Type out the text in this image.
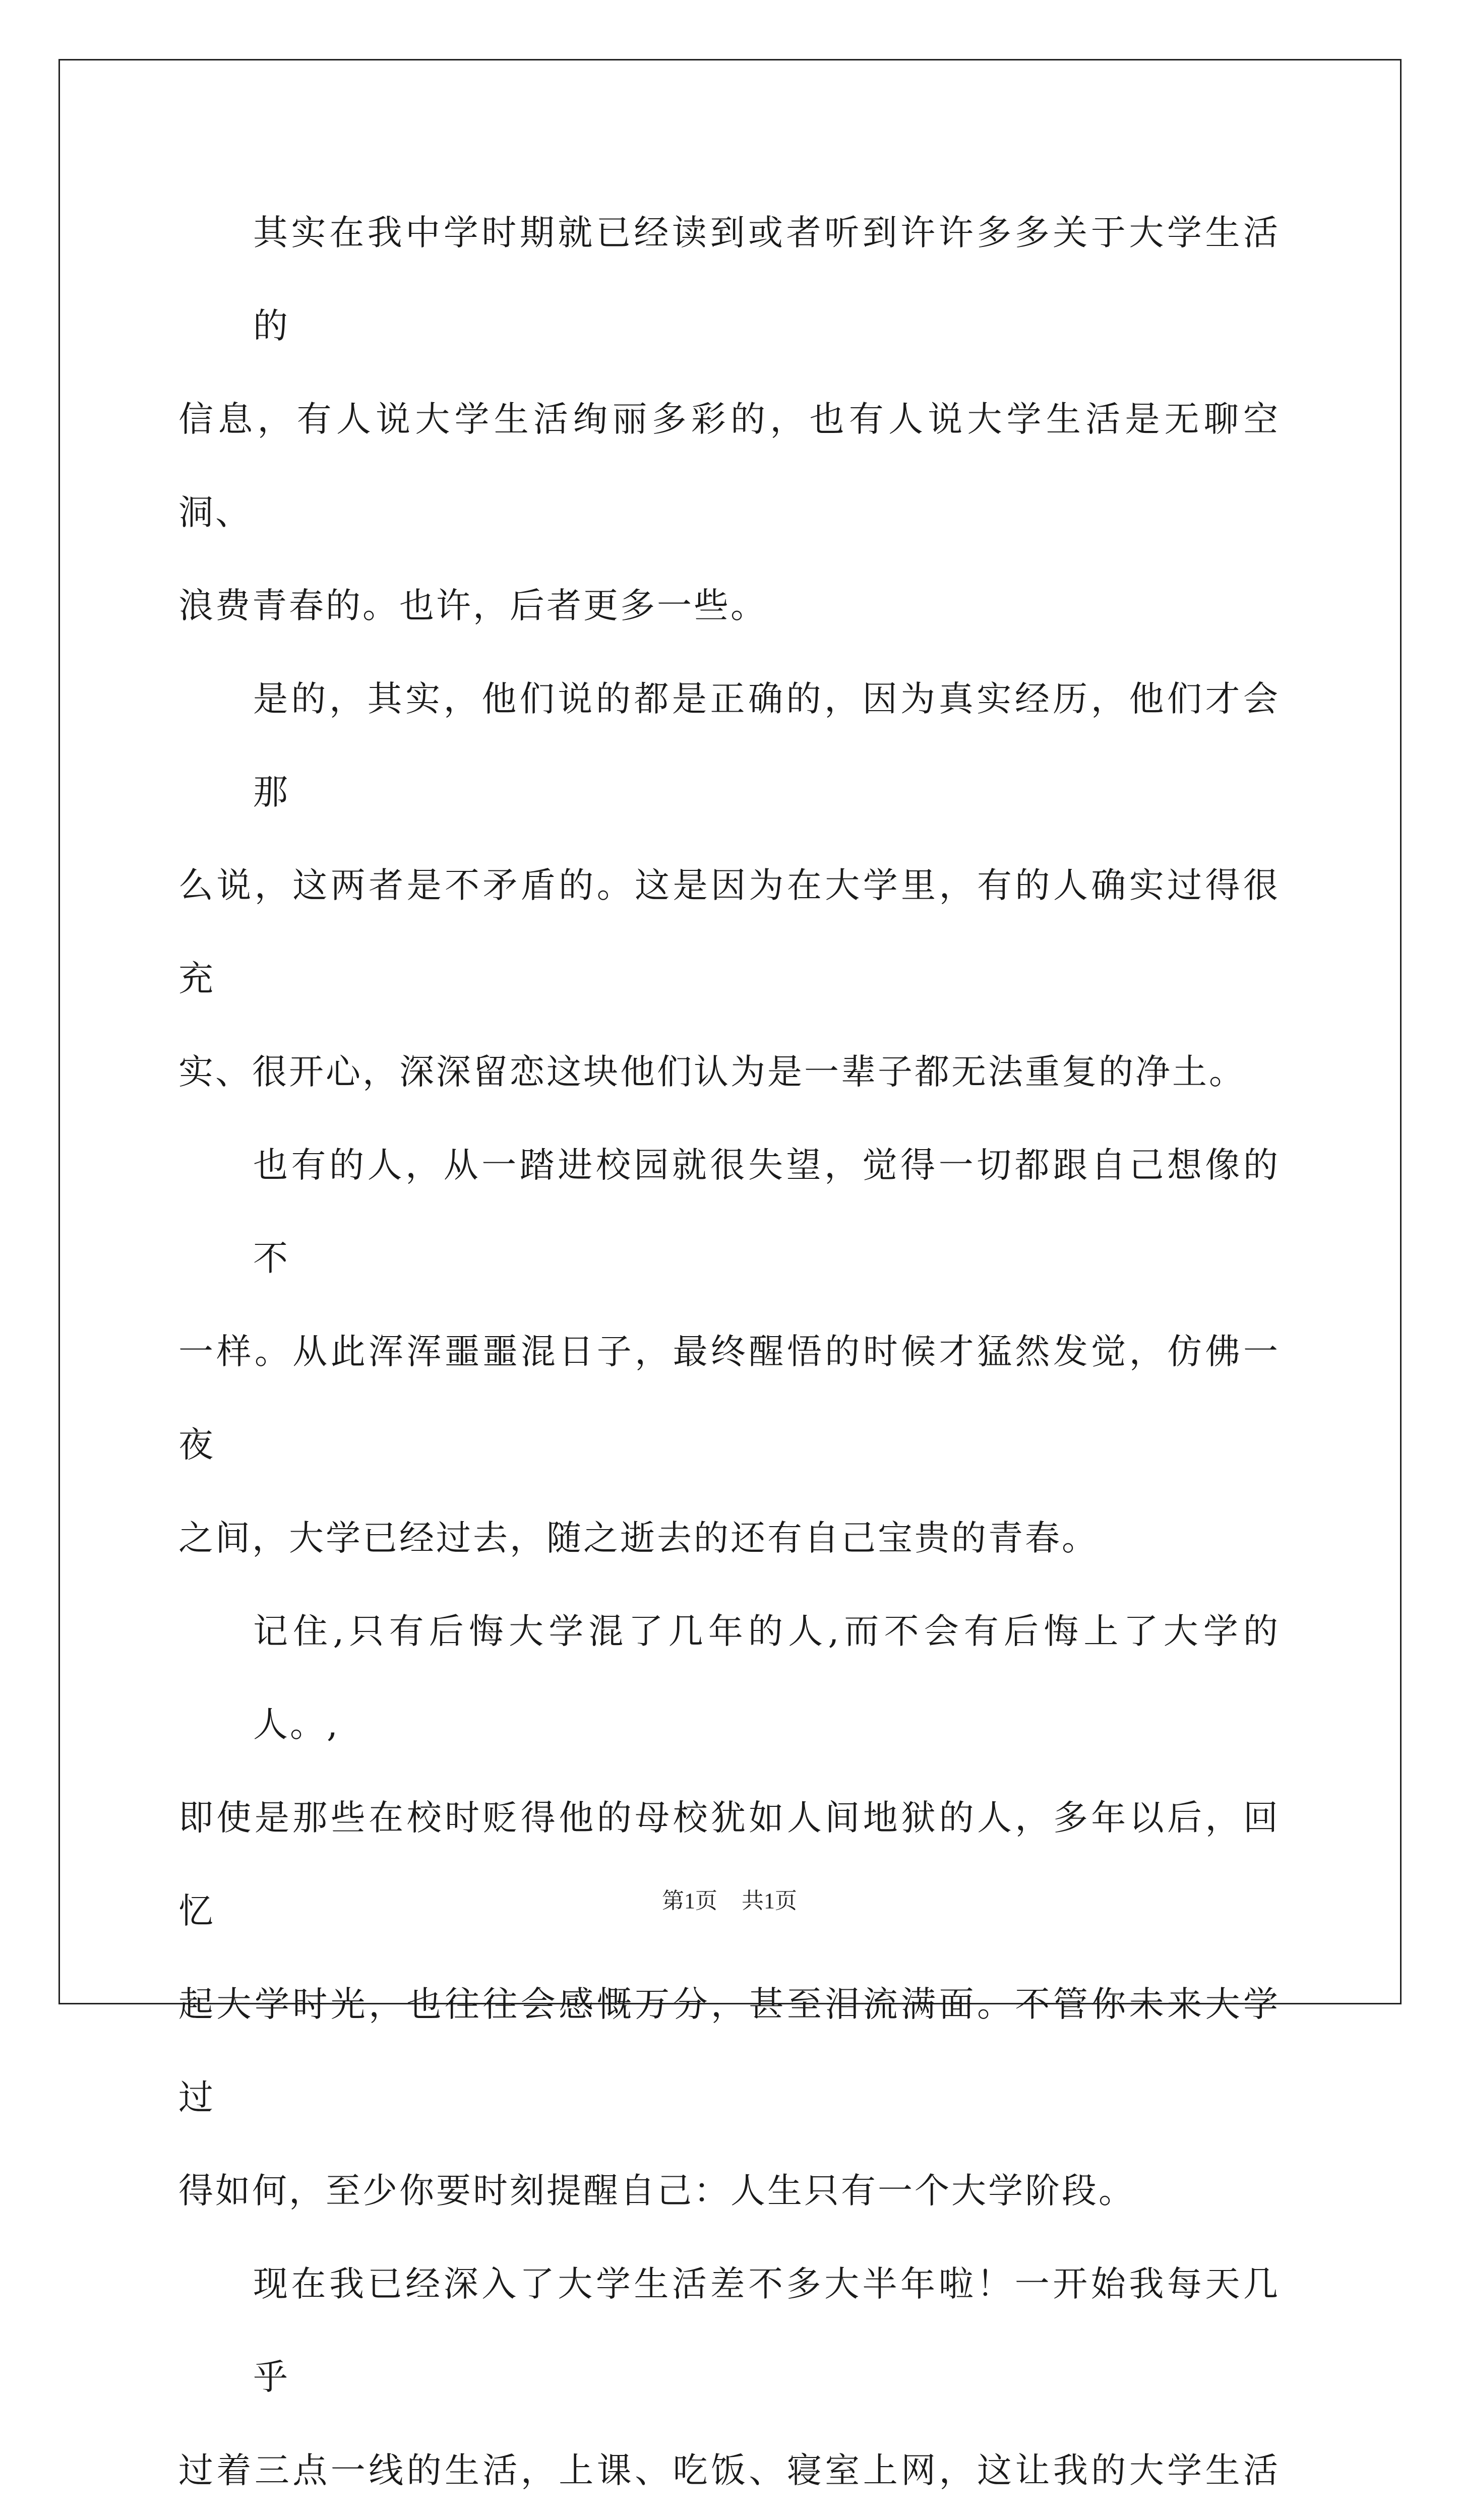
其实在我中学时期就已经读到或者听到许许多多关于大学生活的
信息，有人说大学生活绚丽多彩的，也有人说大学生活是无聊空洞、
浪费青春的。也许，后者更多一些。

是的，其实，他们说的都是正确的，因为真实经历，他们才会那
么说，这两者是不矛盾的。这是因为在大学里，有的人确实过得很充
实、很开心，深深留恋这块他们认为是一辈子都无法重复的净土。

也有的人，从一踏进校园就很失望，觉得一切都跟自己想像的不
一样。从此浑浑噩噩混日子，最终醒悟的时候才猛然发觉，仿佛一夜
之间，大学已经过去，随之逝去的还有自己宝贵的青春。

记住,只有后悔大学混了几年的人,而不会有后悔上了大学的人。,
即使是那些在校时贬得他的母校犹如人间地狱的人，多年以后，回忆
起大学时光，也往往会感慨万分，甚至泪流满面。不管你未来大学过
得如何，至少你要时刻提醒自己：人生只有一个大学阶段。

现在我已经深入了大学生活差不多大半年啦！一开始我每天几乎
过着三点一线的生活，上课、吃饭、寝室上网，这让我的大学生活

第1页 共1页
